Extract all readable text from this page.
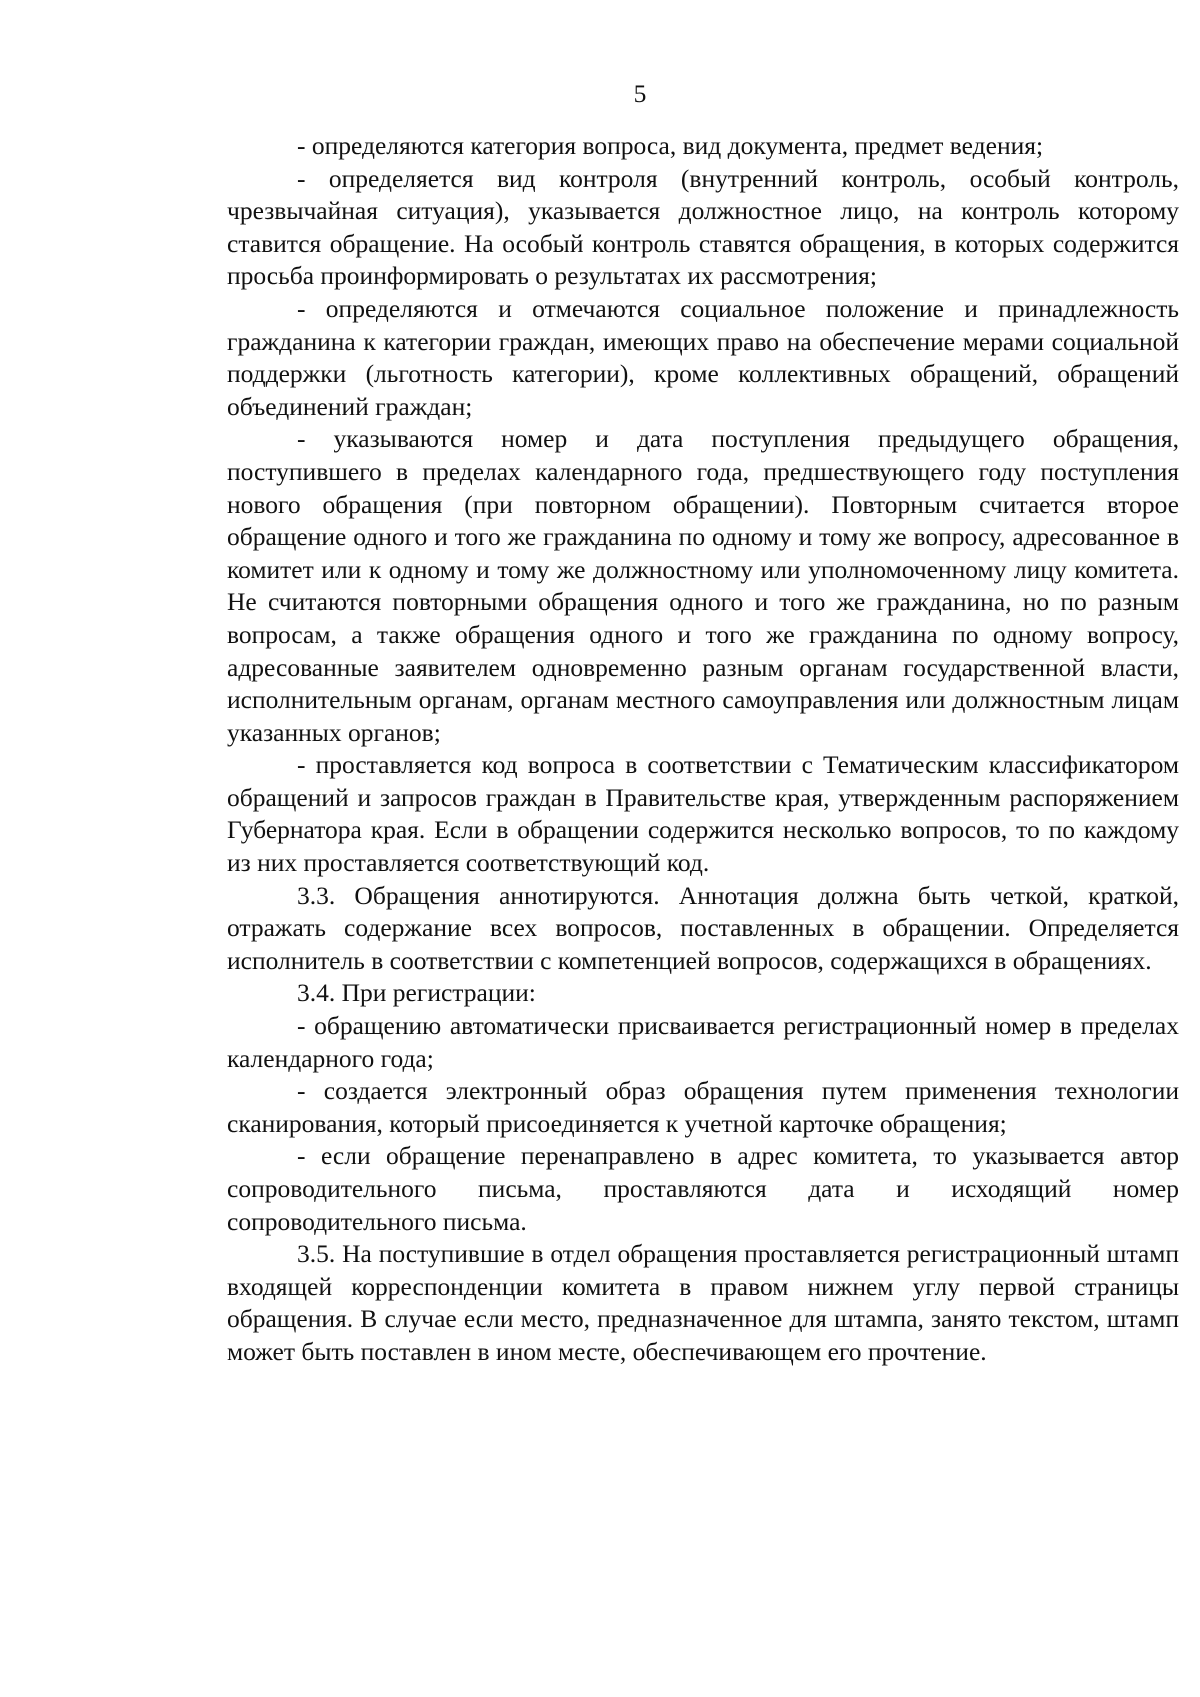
5

- определяются категория вопроса, вид документа, предмет ведения;

- определяется вид контроля (внутренний контроль, особый контроль, чрезвычайная ситуация), указывается должностное лицо, на контроль которому ставится обращение. На особый контроль ставятся обращения, в которых содержится просьба проинформировать о результатах их рассмотрения;

- определяются и отмечаются социальное положение и принадлежность гражданина к категории граждан, имеющих право на обеспечение мерами социальной поддержки (льготность категории), кроме коллективных обращений, обращений объединений граждан;

- указываются номер и дата поступления предыдущего обращения, поступившего в пределах календарного года, предшествующего году поступления нового обращения (при повторном обращении). Повторным считается второе обращение одного и того же гражданина по одному и тому же вопросу, адресованное в комитет или к одному и тому же должностному или уполномоченному лицу комитета. Не считаются повторными обращения одного и того же гражданина, но по разным вопросам, а также обращения одного и того же гражданина по одному вопросу, адресованные заявителем одновременно разным органам государственной власти, исполнительным органам, органам местного самоуправления или должностным лицам указанных органов;

- проставляется код вопроса в соответствии с Тематическим классификатором обращений и запросов граждан в Правительстве края, утвержденным распоряжением Губернатора края. Если в обращении содержится несколько вопросов, то по каждому из них проставляется соответствующий код.

3.3. Обращения аннотируются. Аннотация должна быть четкой, краткой, отражать содержание всех вопросов, поставленных в обращении. Определяется исполнитель в соответствии с компетенцией вопросов, содержащихся в обращениях.

3.4. При регистрации:

- обращению автоматически присваивается регистрационный номер в пределах календарного года;

- создается электронный образ обращения путем применения технологии сканирования, который присоединяется к учетной карточке обращения;

- если обращение перенаправлено в адрес комитета, то указывается автор сопроводительного письма, проставляются дата и исходящий номер сопроводительного письма.

3.5. На поступившие в отдел обращения проставляется регистрационный штамп входящей корреспонденции комитета в правом нижнем углу первой страницы обращения. В случае если место, предназначенное для штампа, занято текстом, штамп может быть поставлен в ином месте, обеспечивающем его прочтение.
